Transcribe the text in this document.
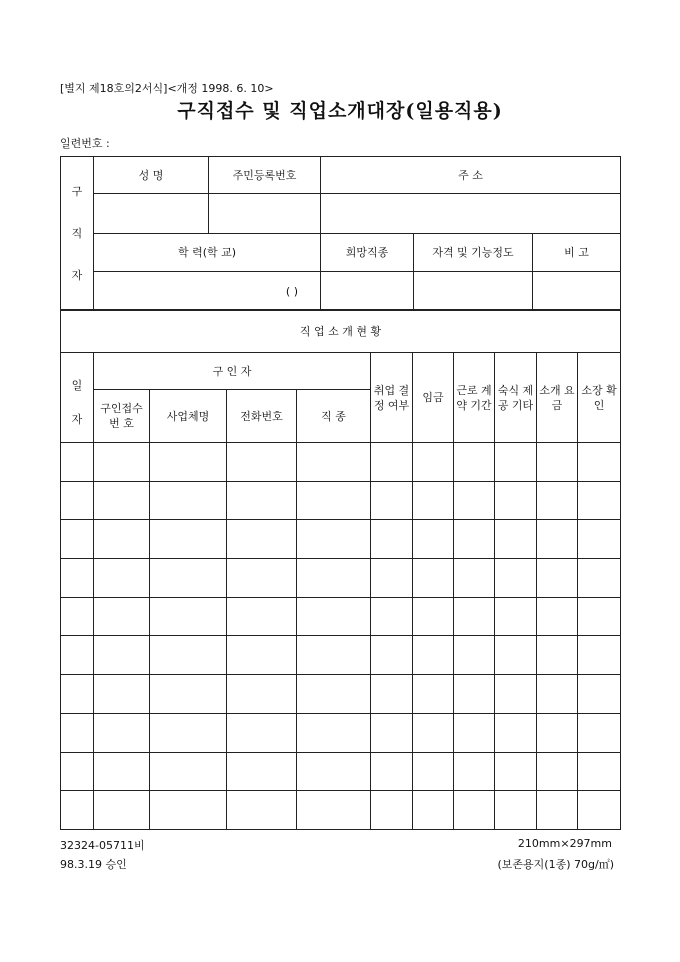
[별지 제18호의2서식]<개정 1998. 6. 10>
구직접수 및 직업소개대장(일용직용)
일련번호 :
구
직
자	성 명	주민등록번호	주 소		

	학 력(학 교)		희망직종	자격 및 기능정도	비 고
	( )				
직 업 소 개 현 황										

일
자	구 인 자				취업 결정 여부	임금	근로 계약 기간	숙식 제공 기타	소개 요금	소장 확인
	구인접수 번 호	사업체명	전화번호	직 종						

32324-05711비
98.3.19 승인
210mm×297mm
(보존용지(1종) 70g/㎡)
